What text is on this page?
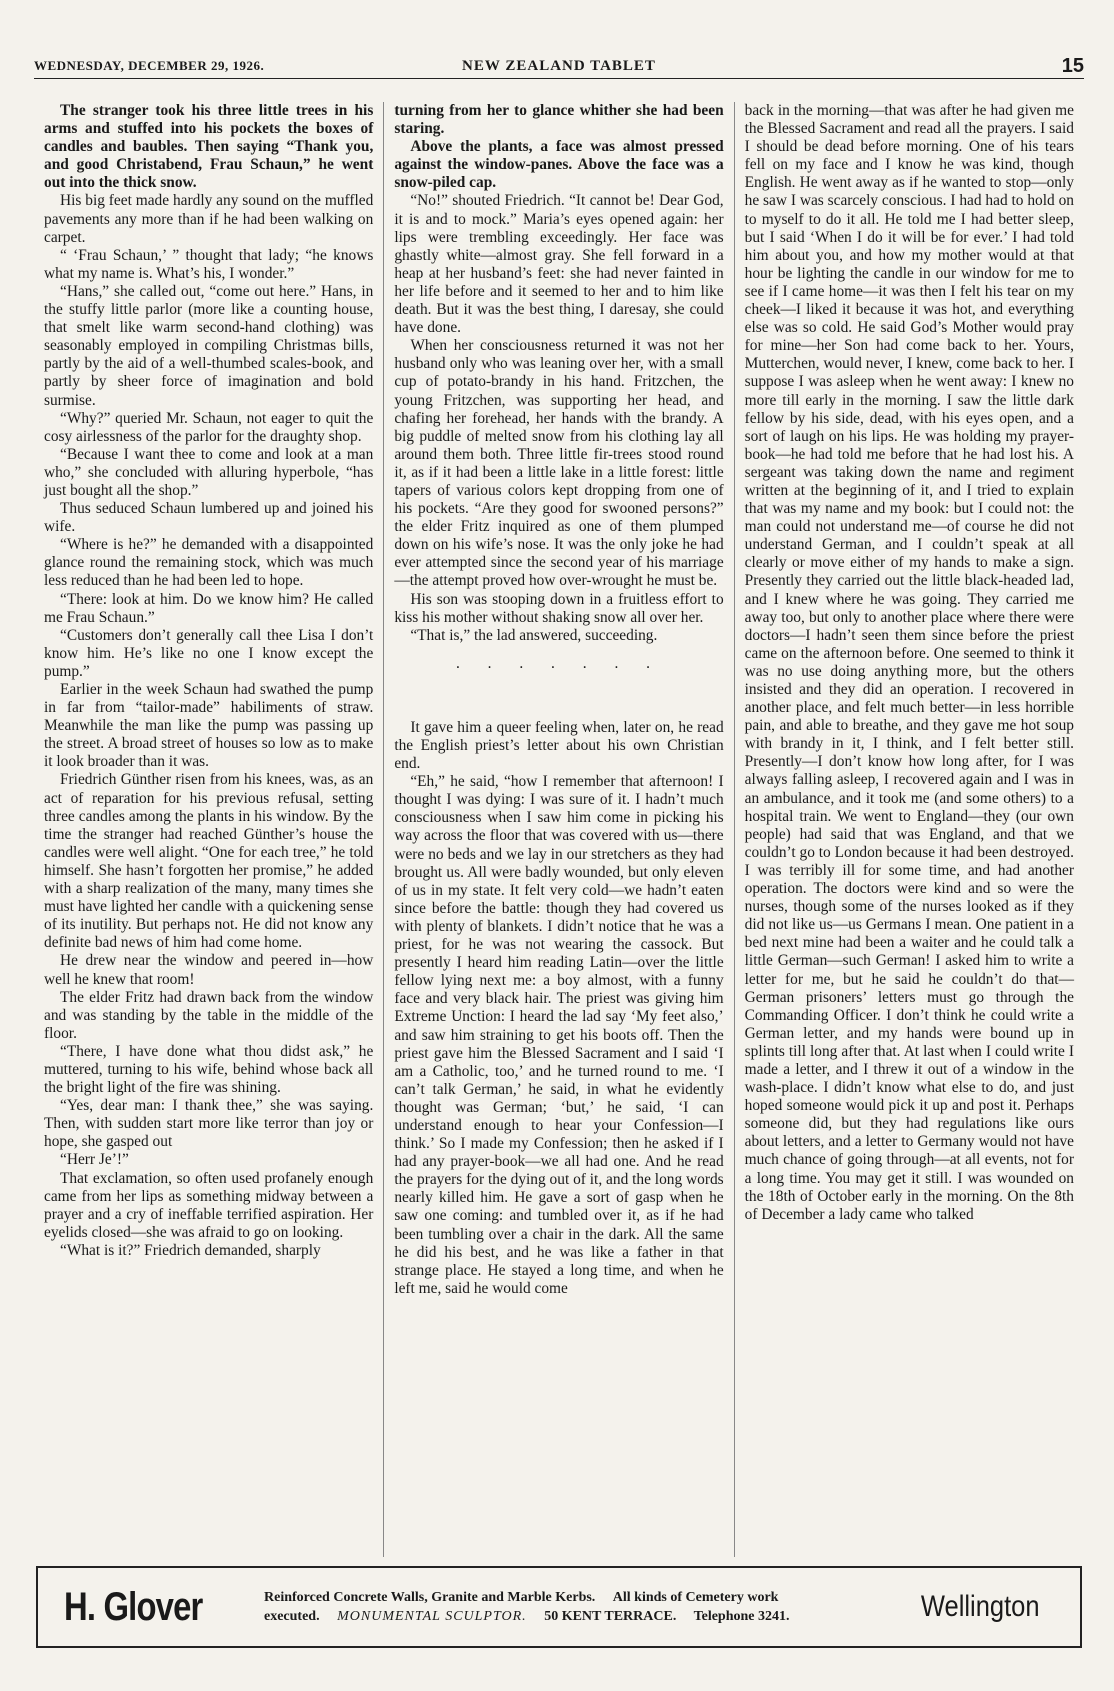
WEDNESDAY, DECEMBER 29, 1926.	NEW ZEALAND TABLET	15

The stranger took his three little trees in his arms and stuffed into his pockets the boxes of candles and baubles. Then saying “Thank you, and good Christabend, Frau Schaun,” he went out into the thick snow.

His big feet made hardly any sound on the muffled pavements any more than if he had been walking on carpet.

“ ‘Frau Schaun,’ ” thought that lady; “he knows what my name is. What’s his, I wonder.”

“Hans,” she called out, “come out here.” Hans, in the stuffy little parlor (more like a counting house, that smelt like warm second-hand clothing) was seasonably employed in compiling Christmas bills, partly by the aid of a well-thumbed scales-book, and partly by sheer force of imagination and bold surmise.

“Why?” queried Mr. Schaun, not eager to quit the cosy airlessness of the parlor for the draughty shop.

“Because I want thee to come and look at a man who,” she concluded with alluring hyperbole, “has just bought all the shop.”

Thus seduced Schaun lumbered up and joined his wife.

“Where is he?” he demanded with a disappointed glance round the remaining stock, which was much less reduced than he had been led to hope.

“There: look at him. Do we know him? He called me Frau Schaun.”

“Customers don’t generally call thee Lisa I don’t know him. He’s like no one I know except the pump.”

Earlier in the week Schaun had swathed the pump in far from “tailor-made” habiliments of straw. Meanwhile the man like the pump was passing up the street. A broad street of houses so low as to make it look broader than it was.

Friedrich Günther risen from his knees, was, as an act of reparation for his previous refusal, setting three candles among the plants in his window. By the time the stranger had reached Günther’s house the candles were well alight. “One for each tree,” he told himself. She hasn’t forgotten her promise,” he added with a sharp realization of the many, many times she must have lighted her candle with a quickening sense of its inutility. But perhaps not. He did not know any definite bad news of him had come home.

He drew near the window and peered in—how well he knew that room!

The elder Fritz had drawn back from the window and was standing by the table in the middle of the floor.

“There, I have done what thou didst ask,” he muttered, turning to his wife, behind whose back all the bright light of the fire was shining.

“Yes, dear man: I thank thee,” she was saying. Then, with sudden start more like terror than joy or hope, she gasped out

“Herr Je’!”

That exclamation, so often used profanely enough came from her lips as something midway between a prayer and a cry of ineffable terrified aspiration. Her eyelids closed—she was afraid to go on looking.

“What is it?” Friedrich demanded, sharply

turning from her to glance whither she had been staring.

Above the plants, a face was almost pressed against the window-panes. Above the face was a snow-piled cap.

“No!” shouted Friedrich. “It cannot be! Dear God, it is and to mock.” Maria’s eyes opened again: her lips were trembling exceedingly. Her face was ghastly white—almost gray. She fell forward in a heap at her husband’s feet: she had never fainted in her life before and it seemed to her and to him like death. But it was the best thing, I daresay, she could have done.

When her consciousness returned it was not her husband only who was leaning over her, with a small cup of potato-brandy in his hand. Fritzchen, the young Fritzchen, was supporting her head, and chafing her forehead, her hands with the brandy. A big puddle of melted snow from his clothing lay all around them both. Three little fir-trees stood round it, as if it had been a little lake in a little forest: little tapers of various colors kept dropping from one of his pockets. “Are they good for swooned persons?” the elder Fritz inquired as one of them plumped down on his wife’s nose. It was the only joke he had ever attempted since the second year of his marriage—the attempt proved how over-wrought he must be.

His son was stooping down in a fruitless effort to kiss his mother without shaking snow all over her.

“That is,” the lad answered, succeeding.

. . . . . . .

It gave him a queer feeling when, later on, he read the English priest’s letter about his own Christian end.

“Eh,” he said, “how I remember that afternoon! I thought I was dying: I was sure of it. I hadn’t much consciousness when I saw him come in picking his way across the floor that was covered with us—there were no beds and we lay in our stretchers as they had brought us. All were badly wounded, but only eleven of us in my state. It felt very cold—we hadn’t eaten since before the battle: though they had covered us with plenty of blankets. I didn’t notice that he was a priest, for he was not wearing the cassock. But presently I heard him reading Latin—over the little fellow lying next me: a boy almost, with a funny face and very black hair. The priest was giving him Extreme Unction: I heard the lad say ‘My feet also,’ and saw him straining to get his boots off. Then the priest gave him the Blessed Sacrament and I said ‘I am a Catholic, too,’ and he turned round to me. ‘I can’t talk German,’ he said, in what he evidently thought was German; ‘but,’ he said, ‘I can understand enough to hear your Confession—I think.’ So I made my Confession; then he asked if I had any prayer-book—we all had one. And he read the prayers for the dying out of it, and the long words nearly killed him. He gave a sort of gasp when he saw one coming: and tumbled over it, as if he had been tumbling over a chair in the dark. All the same he did his best, and he was like a father in that strange place. He stayed a long time, and when he left me, said he would come

back in the morning—that was after he had given me the Blessed Sacrament and read all the prayers. I said I should be dead before morning. One of his tears fell on my face and I know he was kind, though English. He went away as if he wanted to stop—only he saw I was scarcely conscious. I had had to hold on to myself to do it all. He told me I had better sleep, but I said ‘When I do it will be for ever.’ I had told him about you, and how my mother would at that hour be lighting the candle in our window for me to see if I came home—it was then I felt his tear on my cheek—I liked it because it was hot, and everything else was so cold. He said God’s Mother would pray for mine—her Son had come back to her. Yours, Mutterchen, would never, I knew, come back to her. I suppose I was asleep when he went away: I knew no more till early in the morning. I saw the little dark fellow by his side, dead, with his eyes open, and a sort of laugh on his lips. He was holding my prayer-book—he had told me before that he had lost his. A sergeant was taking down the name and regiment written at the beginning of it, and I tried to explain that was my name and my book: but I could not: the man could not understand me—of course he did not understand German, and I couldn’t speak at all clearly or move either of my hands to make a sign. Presently they carried out the little black-headed lad, and I knew where he was going. They carried me away too, but only to another place where there were doctors—I hadn’t seen them since before the priest came on the afternoon before. One seemed to think it was no use doing anything more, but the others insisted and they did an operation. I recovered in another place, and felt much better—in less horrible pain, and able to breathe, and they gave me hot soup with brandy in it, I think, and I felt better still. Presently—I don’t know how long after, for I was always falling asleep, I recovered again and I was in an ambulance, and it took me (and some others) to a hospital train. We went to England—they (our own people) had said that was England, and that we couldn’t go to London because it had been destroyed. I was terribly ill for some time, and had another operation. The doctors were kind and so were the nurses, though some of the nurses looked as if they did not like us—us Germans I mean. One patient in a bed next mine had been a waiter and he could talk a little German—such German! I asked him to write a letter for me, but he said he couldn’t do that—German prisoners’ letters must go through the Commanding Officer. I don’t think he could write a German letter, and my hands were bound up in splints till long after that. At last when I could write I made a letter, and I threw it out of a window in the wash-place. I didn’t know what else to do, and just hoped someone would pick it up and post it. Perhaps someone did, but they had regulations like ours about letters, and a letter to Germany would not have much chance of going through—at all events, not for a long time. You may get it still. I was wounded on the 18th of October early in the morning. On the 8th of December a lady came who talked

H. Glover	Reinforced Concrete Walls, Granite and Marble Kerbs. All kinds of Cemetery work
executed. MONUMENTAL SCULPTOR. 50 KENT TERRACE. Telephone 3241.	Wellington
